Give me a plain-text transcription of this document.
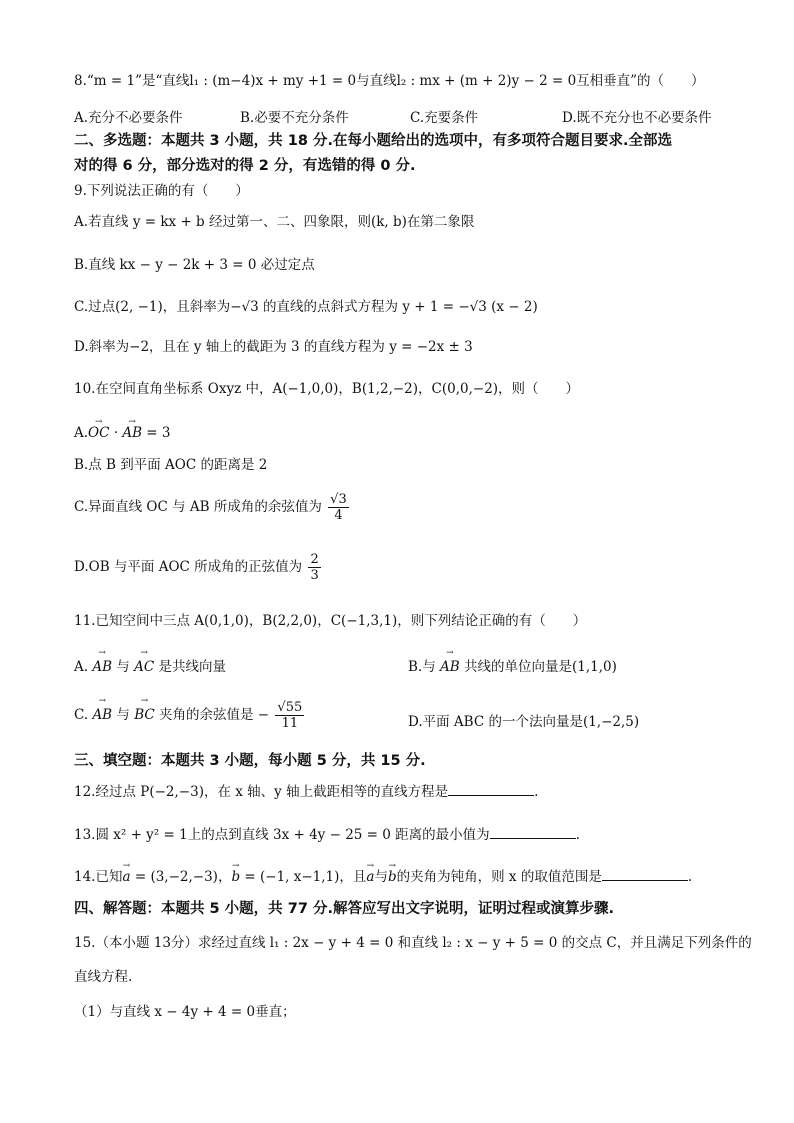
8.“m = 1”是“直线l₁ : (m−4)x + my +1 = 0与直线l₂ : mx + (m + 2)y − 2 = 0互相垂直”的（　　）
A.充分不必要条件	B.必要不充分条件	C.充要条件	D.既不充分也不必要条件
二、多选题：本题共 3 小题，共 18 分.在每小题给出的选项中，有多项符合题目要求.全部选
对的得 6 分，部分选对的得 2 分，有选错的得 0 分.
9.下列说法正确的有（　　）
A.若直线 y = kx + b 经过第一、二、四象限，则(k, b)在第二象限
B.直线 kx − y − 2k + 3 = 0 必过定点
C.过点(2, −1)，且斜率为−√3 的直线的点斜式方程为 y + 1 = −√3 (x − 2)
D.斜率为−2，且在 y 轴上的截距为 3 的直线方程为 y = −2x ± 3
10.在空间直角坐标系 Oxyz 中，A(−1,0,0)，B(1,2,−2)，C(0,0,−2)，则（　　）
A.→ OC · → AB = 3
B.点 B 到平面 AOC 的距离是 2
C.异面直线 OC 与 AB 所成角的余弦值为 $\frac{√3}{4}$
D.OB 与平面 AOC 所成角的正弦值为 $\frac{2}{3}$
11.已知空间中三点 A(0,1,0)，B(2,2,0)，C(−1,3,1)，则下列结论正确的有（　　）
A. → AB 与 → AC 是共线向量	B.与 → AB 共线的单位向量是(1,1,0)
C. → AB 与 → BC 夹角的余弦值是 − $\frac{√55}{11}$	D.平面 ABC 的一个法向量是(1,−2,5)
三、填空题：本题共 3 小题，每小题 5 分，共 15 分.
12.经过点 P(−2,−3)，在 x 轴、y 轴上截距相等的直线方程是	.
13.圆 x² + y² = 1上的点到直线 3x + 4y − 25 = 0 距离的最小值为	.
14.已知→ a = (3,−2,−3)，→ b = (−1, x−1,1)，且→ a与→ b的夹角为钝角，则 x 的取值范围是	.
四、解答题：本题共 5 小题，共 77 分.解答应写出文字说明，证明过程或演算步骤.
15.（本小题 13分）求经过直线 l₁ : 2x − y + 4 = 0 和直线 l₂ : x − y + 5 = 0 的交点 C，并且满足下列条件的
直线方程.
（1）与直线 x − 4y + 4 = 0垂直；
